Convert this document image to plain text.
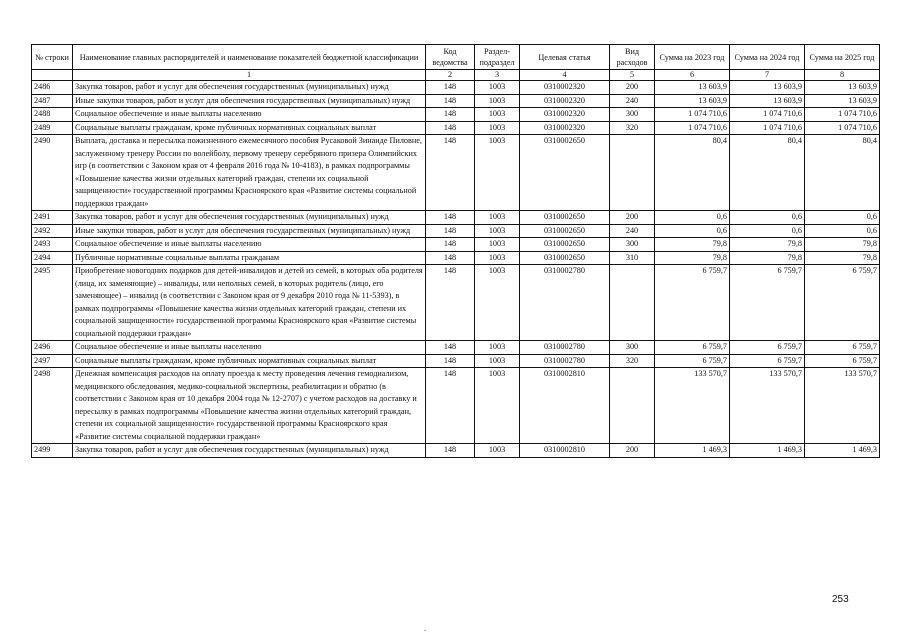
№ строки	Наименование главных распорядителей и наименование показателей бюджетной классификации	Код ведомства	Раздел-подраздел	Целевая статья	Вид расходов	Сумма на 2023 год	Сумма на 2024 год	Сумма на 2025 год
	1	2	3	4	5	6	7	8
2486	Закупка товаров, работ и услуг для обеспечения государственных (муниципальных) нужд	148	1003	0310002320	200	13 603,9	13 603,9	13 603,9
2487	Иные закупки товаров, работ и услуг для обеспечения государственных (муниципальных) нужд	148	1003	0310002320	240	13 603,9	13 603,9	13 603,9
2488	Социальное обеспечение и иные выплаты населению	148	1003	0310002320	300	1 074 710,6	1 074 710,6	1 074 710,6
2489	Социальные выплаты гражданам, кроме публичных нормативных социальных выплат	148	1003	0310002320	320	1 074 710,6	1 074 710,6	1 074 710,6
2490	Выплата, доставка и пересылка пожизненного ежемесячного пособия Русаковой Зинаиде Пиловне, заслуженному тренеру России по волейболу, первому тренеру серебряного призера Олимпийских игр (в соответствии с Законом края от 4 февраля 2016 года № 10-4183), в рамках подпрограммы «Повышение качества жизни отдельных категорий граждан, степени их социальной защищенности» государственной программы Красноярского края «Развитие системы социальной поддержки граждан»	148	1003	0310002650		80,4	80,4	80,4
2491	Закупка товаров, работ и услуг для обеспечения государственных (муниципальных) нужд	148	1003	0310002650	200	0,6	0,6	0,6
2492	Иные закупки товаров, работ и услуг для обеспечения государственных (муниципальных) нужд	148	1003	0310002650	240	0,6	0,6	0,6
2493	Социальное обеспечение и иные выплаты населению	148	1003	0310002650	300	79,8	79,8	79,8
2494	Публичные нормативные социальные выплаты гражданам	148	1003	0310002650	310	79,8	79,8	79,8
2495	Приобретение новогодних подарков для детей-инвалидов и детей из семей, в которых оба родителя (лица, их заменяющие) – инвалиды, или неполных семей, в которых родитель (лицо, его заменяющее) – инвалид (в соответствии с Законом края от 9 декабря 2010 года № 11-5393), в рамках подпрограммы «Повышение качества жизни отдельных категорий граждан, степени их социальной защищенности» государственной программы Красноярского края «Развитие системы социальной поддержки граждан»	148	1003	0310002780		6 759,7	6 759,7	6 759,7
2496	Социальное обеспечение и иные выплаты населению	148	1003	0310002780	300	6 759,7	6 759,7	6 759,7
2497	Социальные выплаты гражданам, кроме публичных нормативных социальных выплат	148	1003	0310002780	320	6 759,7	6 759,7	6 759,7
2498	Денежная компенсация расходов на оплату проезда к месту проведения лечения гемодиализом, медицинского обследования, медико-социальной экспертизы, реабилитации и обратно (в соответствии с Законом края от 10 декабря 2004 года № 12-2707) с учетом расходов на доставку и пересылку в рамках подпрограммы «Повышение качества жизни отдельных категорий граждан, степени их социальной защищенности» государственной программы Красноярского края «Развитие системы социальной поддержки граждан»	148	1003	0310002810		133 570,7	133 570,7	133 570,7
2499	Закупка товаров, работ и услуг для обеспечения государственных (муниципальных) нужд	148	1003	0310002810	200	1 469,3	1 469,3	1 469,3
253
.
